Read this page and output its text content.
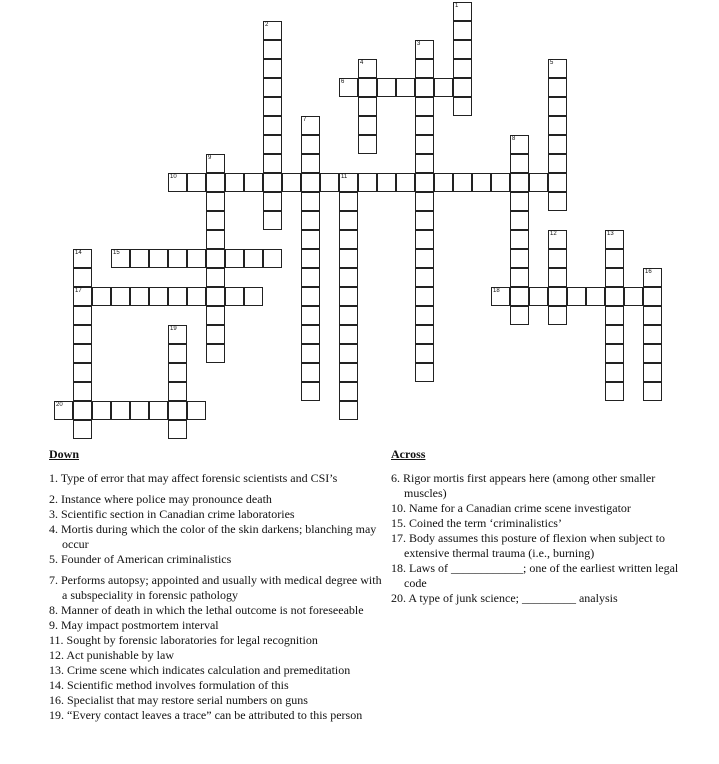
1
2
3
4	5
7
8
9
11
12	13
14
17
16
19
6
10
15
18
20
Down
1. Type of error that may affect forensic scientists and CSI’s
2. Instance where police may pronounce death
3. Scientific section in Canadian crime laboratories
4. Mortis during which the color of the skin darkens; blanching may occur
5. Founder of American criminalistics
7. Performs autopsy; appointed and usually with medical degree with a subspeciality in forensic pathology
8. Manner of death in which the lethal outcome is not foreseeable
9. May impact postmortem interval
11. Sought by forensic laboratories for legal recognition
12. Act punishable by law
13. Crime scene which indicates calculation and premeditation
14. Scientific method involves formulation of this
16. Specialist that may restore serial numbers on guns
19. “Every contact leaves a trace” can be attributed to this person
Across
6. Rigor mortis first appears here (among other smaller muscles)
10. Name for a Canadian crime scene investigator
15. Coined the term ‘criminalistics’
17. Body assumes this posture of flexion when subject to extensive thermal trauma (i.e., burning)
18. Laws of ____________; one of the earliest written legal code
20. A type of junk science; _________ analysis
